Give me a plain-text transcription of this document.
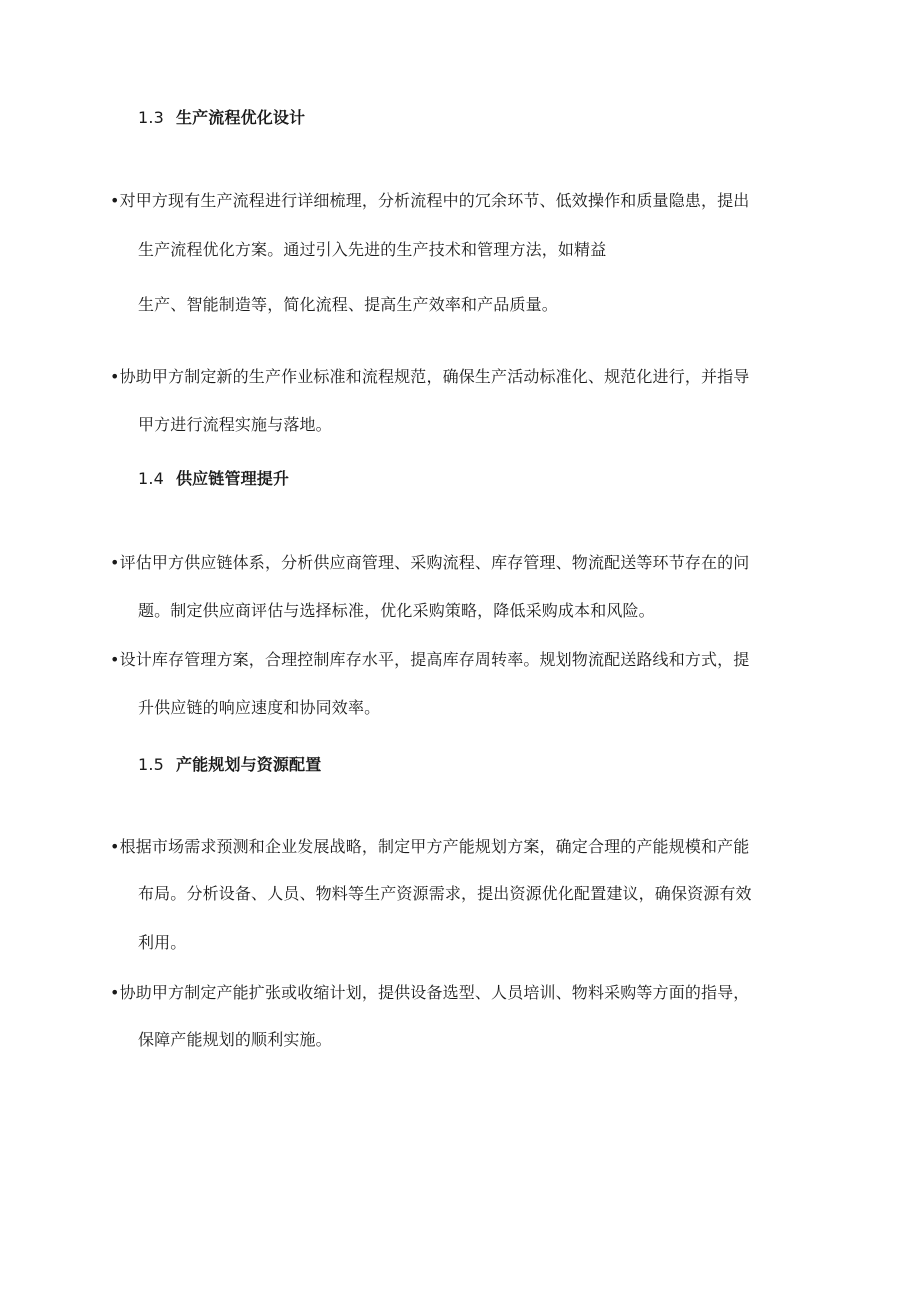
1.3 生产流程优化设计
•对甲方现有生产流程进行详细梳理，分析流程中的冗余环节、低效操作和质量隐患，提出
生产流程优化方案。通过引入先进的生产技术和管理方法，如精益
生产、智能制造等，简化流程、提高生产效率和产品质量。
•协助甲方制定新的生产作业标准和流程规范，确保生产活动标准化、规范化进行，并指导
甲方进行流程实施与落地。
1.4 供应链管理提升
•评估甲方供应链体系，分析供应商管理、采购流程、库存管理、物流配送等环节存在的问
题。制定供应商评估与选择标准，优化采购策略，降低采购成本和风险。
•设计库存管理方案，合理控制库存水平，提高库存周转率。规划物流配送路线和方式，提
升供应链的响应速度和协同效率。
1.5 产能规划与资源配置
•根据市场需求预测和企业发展战略，制定甲方产能规划方案，确定合理的产能规模和产能
布局。分析设备、人员、物料等生产资源需求，提出资源优化配置建议，确保资源有效
利用。
•协助甲方制定产能扩张或收缩计划，提供设备选型、人员培训、物料采购等方面的指导，
保障产能规划的顺利实施。
